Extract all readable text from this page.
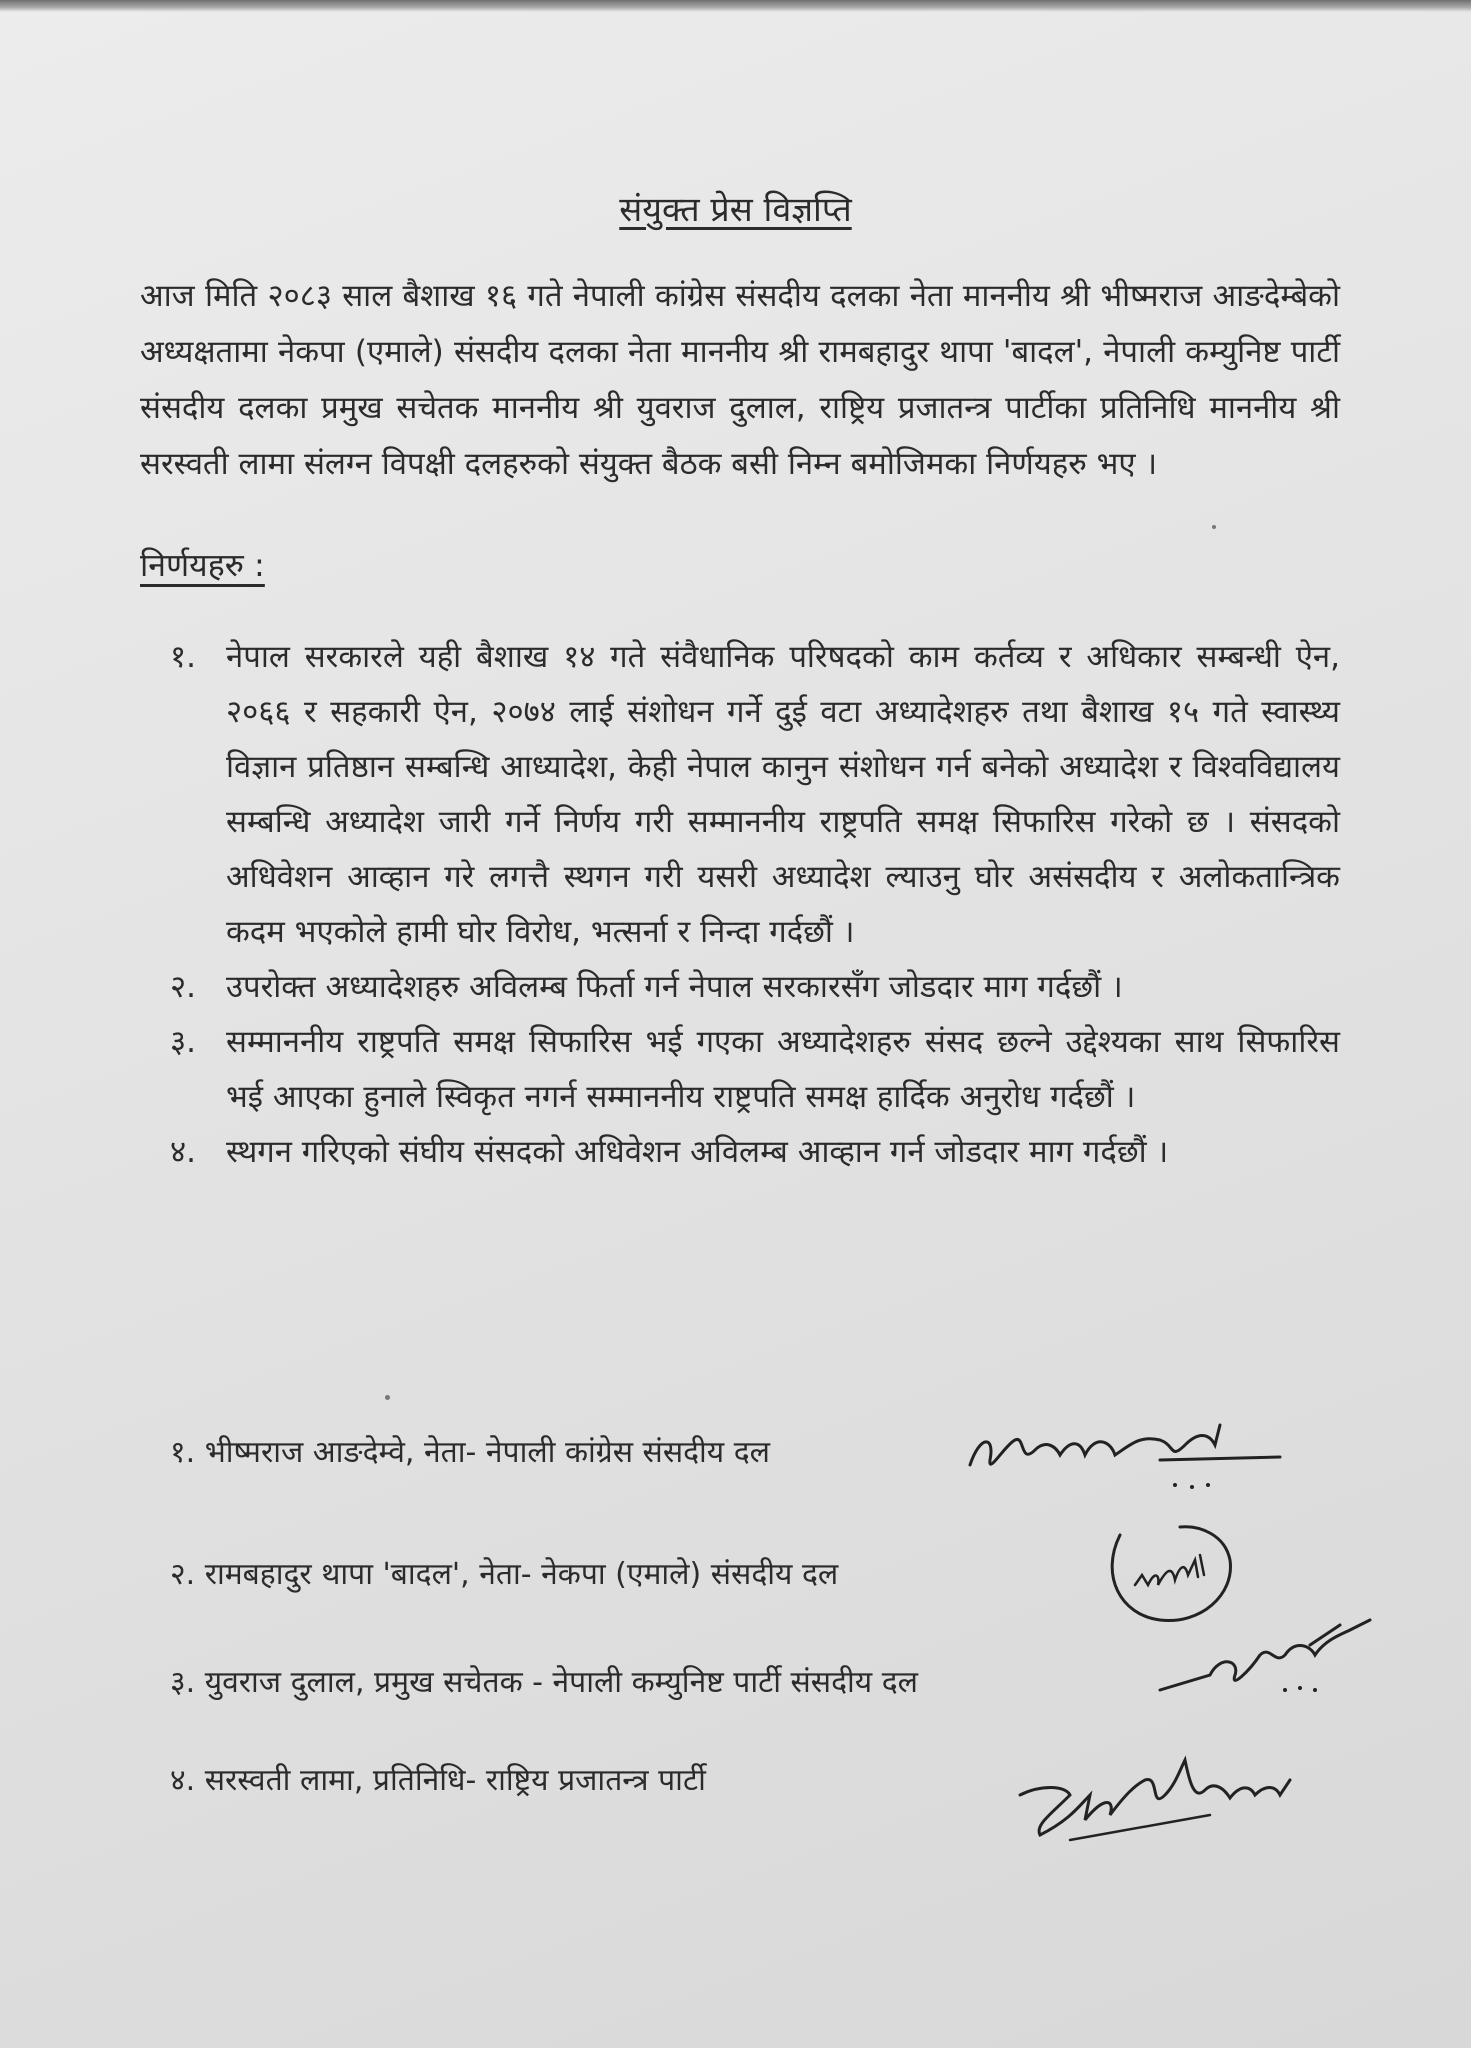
संयुक्त प्रेस विज्ञप्ति

आज मिति २०८३ साल बैशाख १६ गते नेपाली कांग्रेस संसदीय दलका नेता माननीय श्री भीष्मराज आङदेम्बेको अध्यक्षतामा नेकपा (एमाले) संसदीय दलका नेता माननीय श्री रामबहादुर थापा 'बादल', नेपाली कम्युनिष्ट पार्टी संसदीय दलका प्रमुख सचेतक माननीय श्री युवराज दुलाल, राष्ट्रिय प्रजातन्त्र पार्टीका प्रतिनिधि माननीय श्री सरस्वती लामा संलग्न विपक्षी दलहरुको संयुक्त बैठक बसी निम्न बमोजिमका निर्णयहरु भए ।

निर्णयहरु :
१. नेपाल सरकारले यही बैशाख १४ गते संवैधानिक परिषदको काम कर्तव्य र अधिकार सम्बन्धी ऐन, २०६६ र सहकारी ऐन, २०७४ लाई संशोधन गर्ने दुई वटा अध्यादेशहरु तथा बैशाख १५ गते स्वास्थ्य विज्ञान प्रतिष्ठान सम्बन्धि आध्यादेश, केही नेपाल कानुन संशोधन गर्न बनेको अध्यादेश र विश्वविद्यालय सम्बन्धि अध्यादेश जारी गर्ने निर्णय गरी सम्माननीय राष्ट्रपति समक्ष सिफारिस गरेको छ । संसदको अधिवेशन आव्हान गरे लगत्तै स्थगन गरी यसरी अध्यादेश ल्याउनु घोर असंसदीय र अलोकतान्त्रिक कदम भएकोले हामी घोर विरोध, भत्सर्ना र निन्दा गर्दछौं ।
२. उपरोक्त अध्यादेशहरु अविलम्ब फिर्ता गर्न नेपाल सरकारसँग जोडदार माग गर्दछौं ।
३. सम्माननीय राष्ट्रपति समक्ष सिफारिस भई गएका अध्यादेशहरु संसद छल्ने उद्देश्यका साथ सिफारिस भई आएका हुनाले स्विकृत नगर्न सम्माननीय राष्ट्रपति समक्ष हार्दिक अनुरोध गर्दछौं ।
४. स्थगन गरिएको संघीय संसदको अधिवेशन अविलम्ब आव्हान गर्न जोडदार माग गर्दछौं ।
१. भीष्मराज आङदेम्वे, नेता- नेपाली कांग्रेस संसदीय दल
२. रामबहादुर थापा 'बादल', नेता- नेकपा (एमाले) संसदीय दल
३. युवराज दुलाल, प्रमुख सचेतक - नेपाली कम्युनिष्ट पार्टी संसदीय दल
४. सरस्वती लामा, प्रतिनिधि- राष्ट्रिय प्रजातन्त्र पार्टी
